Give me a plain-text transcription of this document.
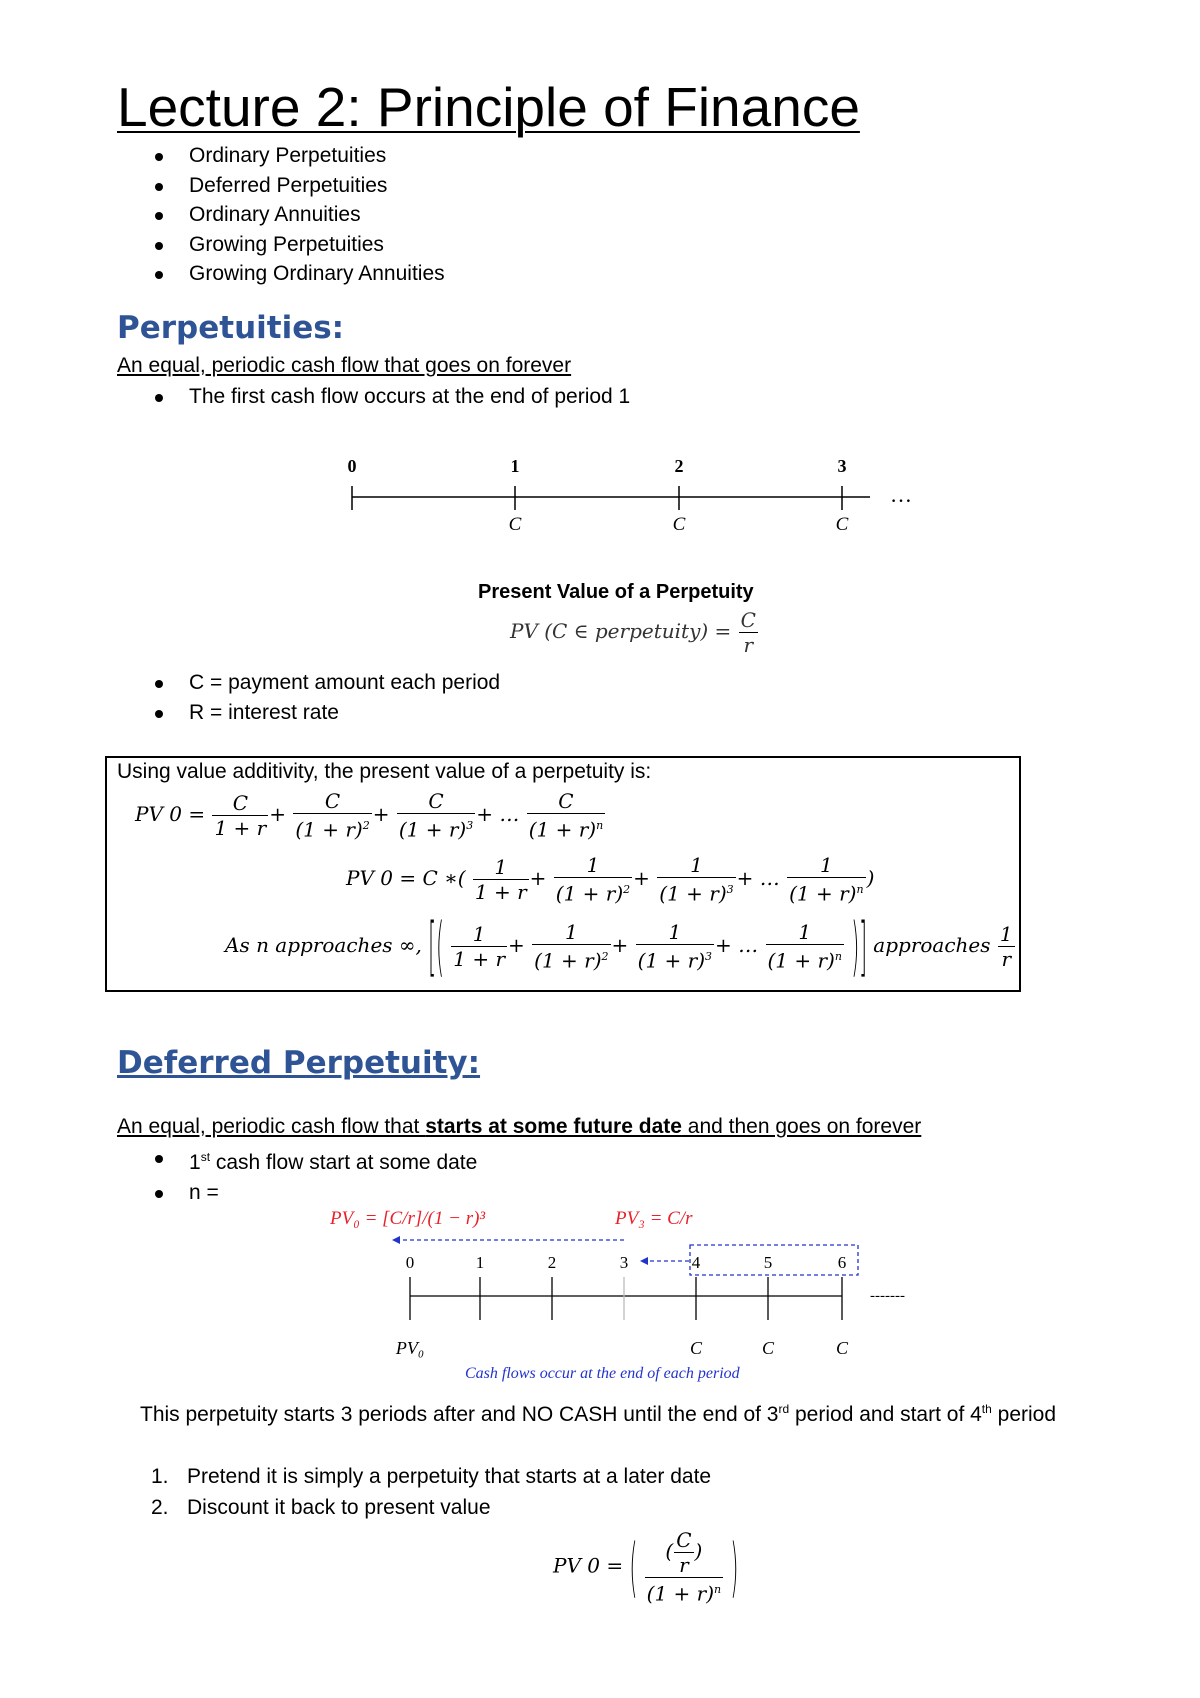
Lecture 2: Principle of Finance
Ordinary Perpetuities
Deferred Perpetuities
Ordinary Annuities
Growing Perpetuities
Growing Ordinary Annuities
Perpetuities:
An equal, periodic cash flow that goes on forever
The first cash flow occurs at the end of period 1
0	1	2	3
C	C	C
…
Present Value of a Perpetuity
PV (C ∈ perpetuity) = $\frac{C}{r}$
C = payment amount each period
R = interest rate
Using value additivity, the present value of a perpetuity is:
PV $0 = \frac{C}{1 + r} + \frac{C}{(1 + r)^2} + \frac{C}{(1 + r)^3}$ + … $\frac{C}{(1 + r)^n}$
PV 0 = C ∗( $\frac{1}{1 + r} + \frac{1}{(1 + r)^2} + \frac{1}{(1 + r)^3}$ + … $\frac{1}{(1 + r)^n}$ )
As n approaches ∞, [( $\frac{1}{1 + r} + \frac{1}{(1 + r)^2} + \frac{1}{(1 + r)^3}$ + … $\frac{1}{(1 + r)^n}$ )] approaches $\frac{1}{r}$
Deferred Perpetuity:
An equal, periodic cash flow that starts at some future date and then goes on forever
1st cash flow start at some date
n =
PV₀ = [C/r]/(1 − r)³	PV₃ = C/r
0	1	2	3	4	5	6
-------
PV₀	C	C	C
Cash flows occur at the end of each period
This perpetuity starts 3 periods after and NO CASH until the end of 3rd period and start of 4th period
1. Pretend it is simply a perpetuity that starts at a later date
2. Discount it back to present value
PV 0 = ( $\frac{( \frac{C}{r} )}{(1 + r)^n}$ )
